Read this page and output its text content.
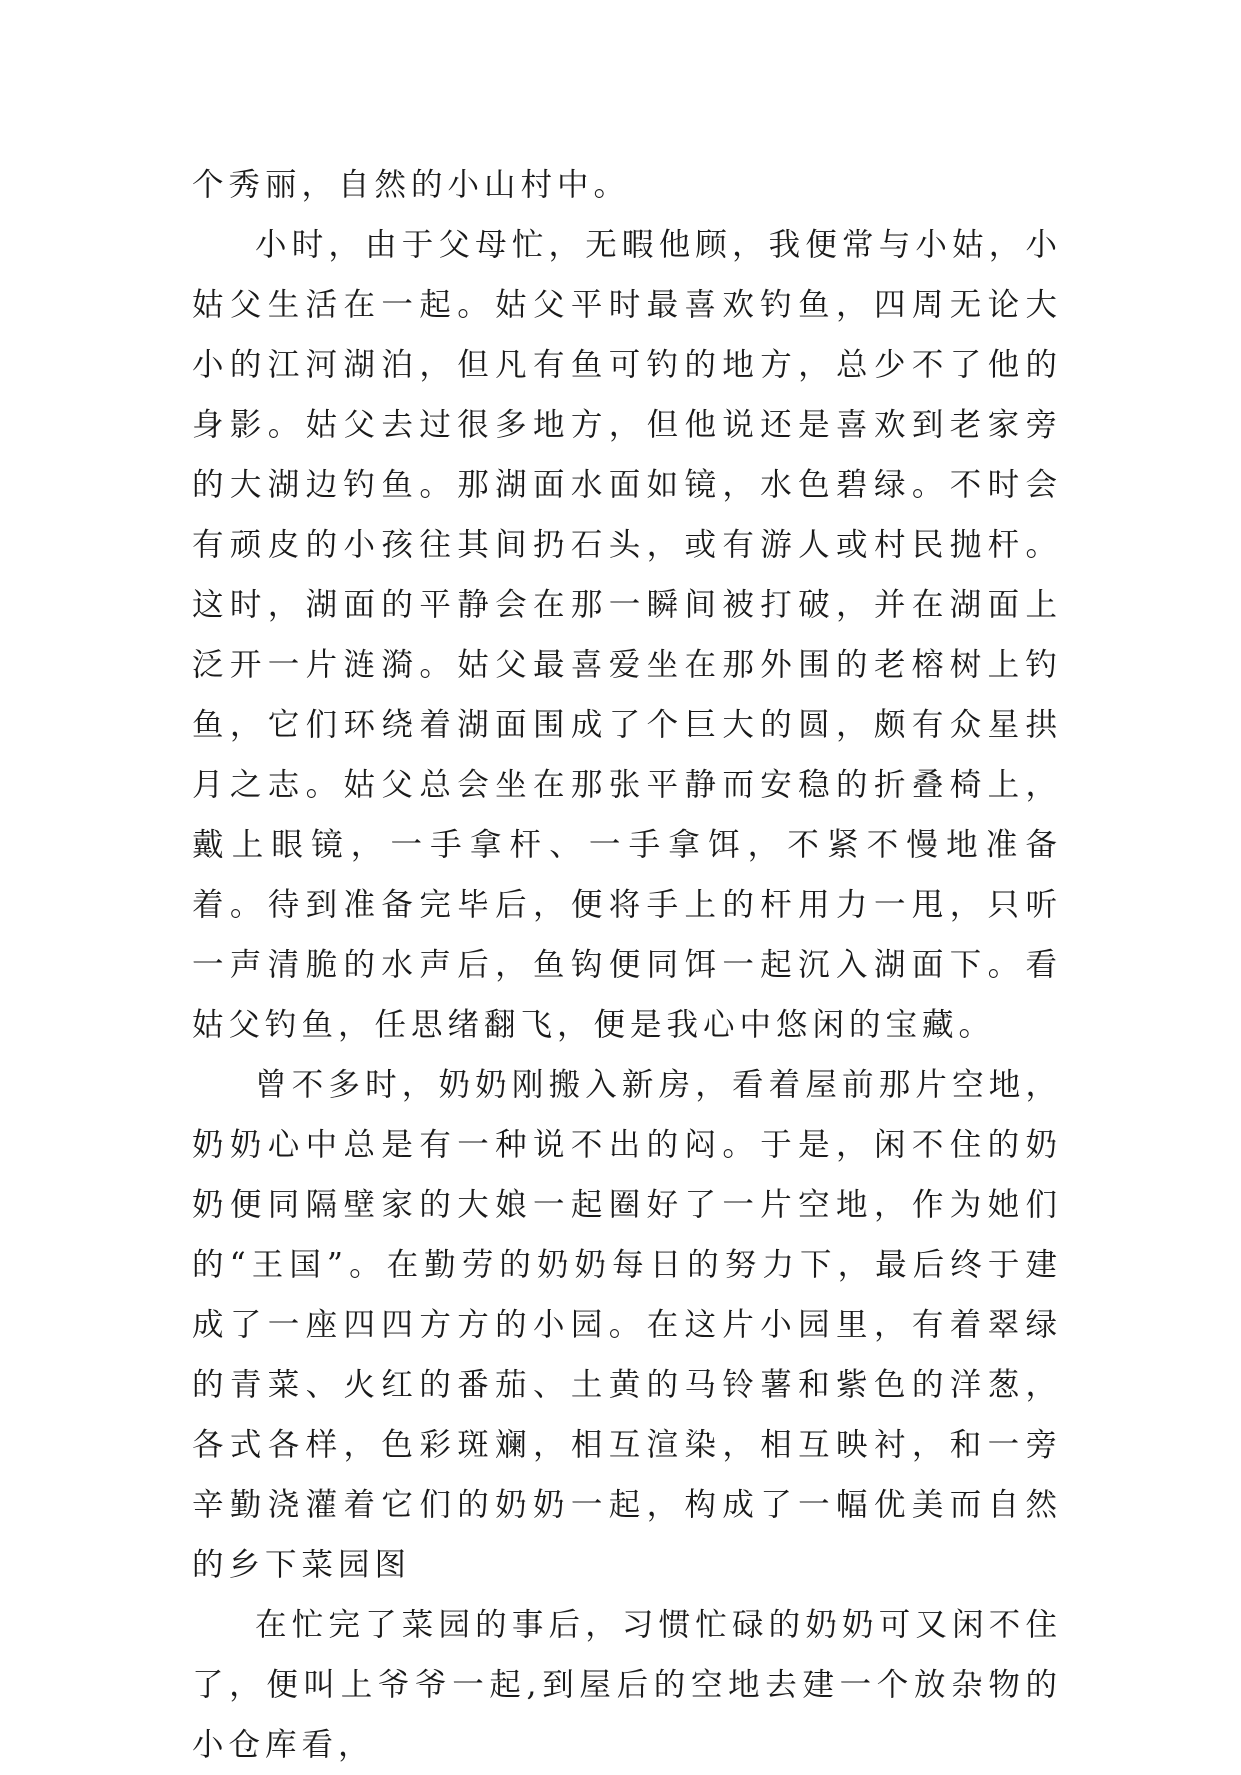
个秀丽，自然的小山村中。

小时，由于父母忙，无暇他顾，我便常与小姑，小姑父生活在一起。姑父平时最喜欢钓鱼，四周无论大小的江河湖泊，但凡有鱼可钓的地方，总少不了他的身影。姑父去过很多地方，但他说还是喜欢到老家旁的大湖边钓鱼。那湖面水面如镜，水色碧绿。不时会有顽皮的小孩往其间扔石头，或有游人或村民抛杆。这时，湖面的平静会在那一瞬间被打破，并在湖面上泛开一片涟漪。姑父最喜爱坐在那外围的老榕树上钓鱼，它们环绕着湖面围成了个巨大的圆，颇有众星拱月之志。姑父总会坐在那张平静而安稳的折叠椅上，戴上眼镜，一手拿杆、一手拿饵，不紧不慢地准备着。待到准备完毕后，便将手上的杆用力一甩，只听一声清脆的水声后，鱼钩便同饵一起沉入湖面下。看姑父钓鱼，任思绪翻飞，便是我心中悠闲的宝藏。

曾不多时，奶奶刚搬入新房，看着屋前那片空地，奶奶心中总是有一种说不出的闷。于是，闲不住的奶奶便同隔壁家的大娘一起圈好了一片空地，作为她们的“王国”。在勤劳的奶奶每日的努力下，最后终于建成了一座四四方方的小园。在这片小园里，有着翠绿的青菜、火红的番茄、土黄的马铃薯和紫色的洋葱，各式各样，色彩斑斓，相互渲染，相互映衬，和一旁辛勤浇灌着它们的奶奶一起，构成了一幅优美而自然的乡下菜园图

在忙完了菜园的事后，习惯忙碌的奶奶可又闲不住了，便叫上爷爷一起,到屋后的空地去建一个放杂物的小仓库看，
